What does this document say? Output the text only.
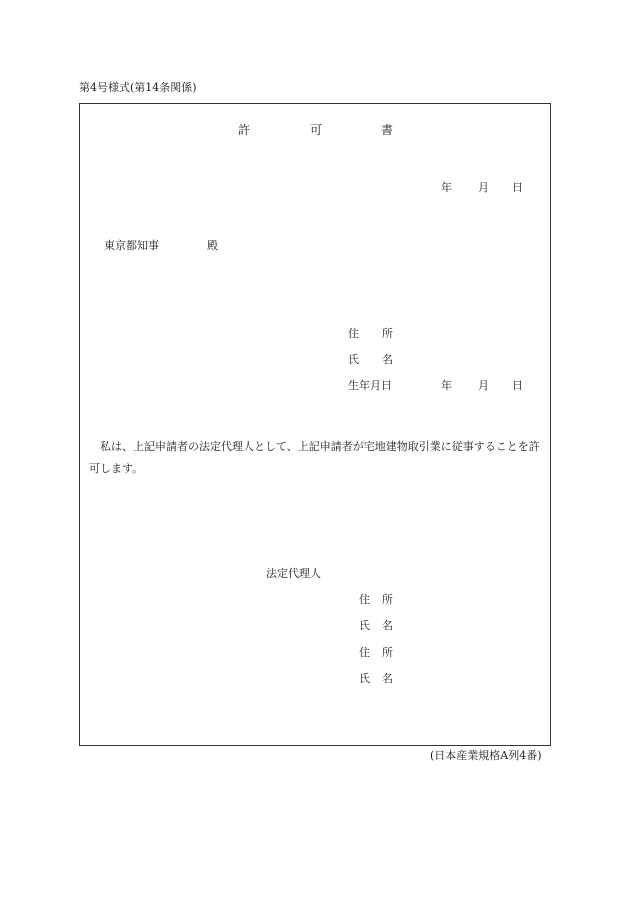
第4号様式(第14条関係)
許	可	書
年 月 日
東京都知事	殿
住 所
氏 名
生年月日	年 月 日
私は、上記申請者の法定代理人として、上記申請者が宅地建物取引業に従事することを許可します。
法定代理人
住 所
氏 名
住 所
氏 名
(日本産業規格A列4番)
